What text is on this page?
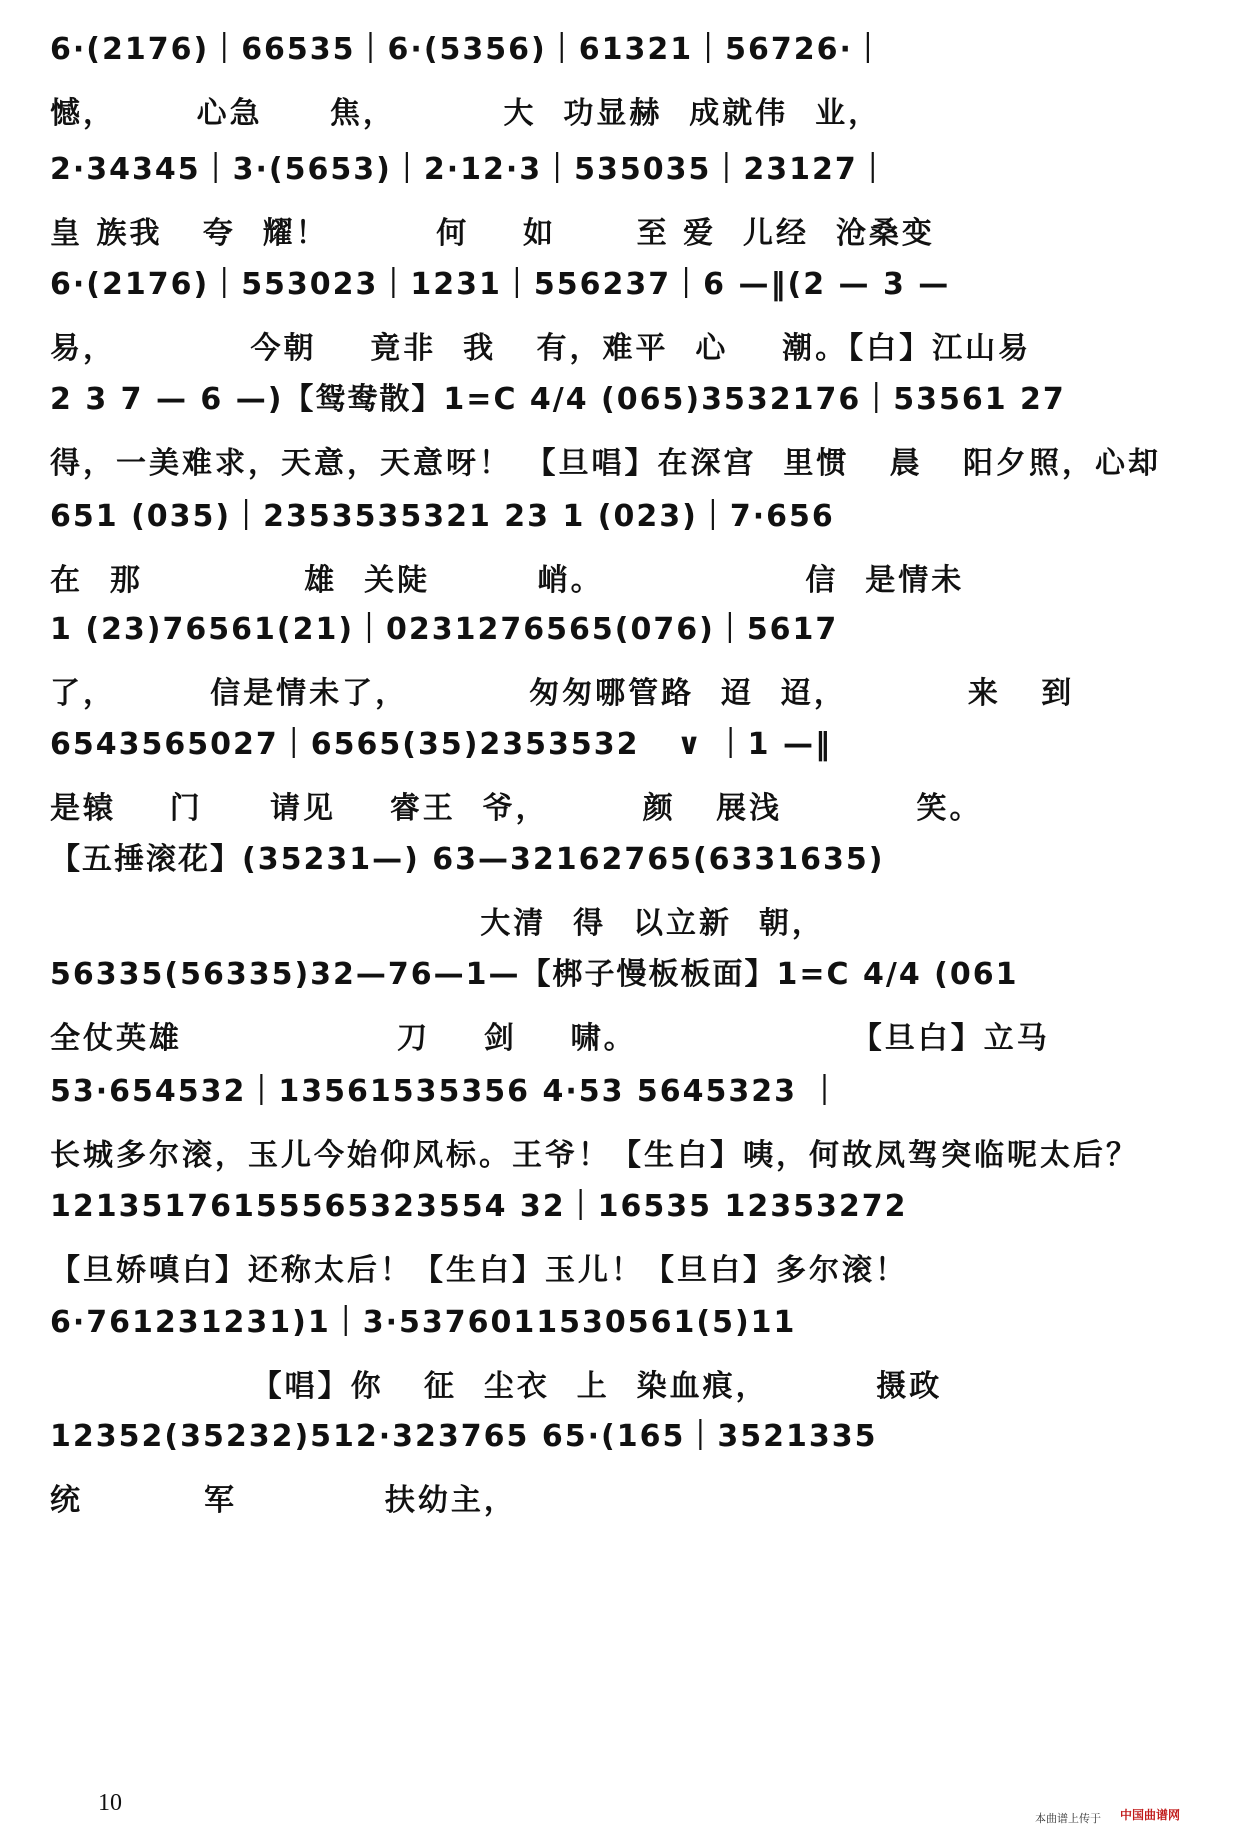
6·(2176)｜66535｜6·(5356)｜61321｜56726·｜
憾，      心急     焦，        大  功显赫  成就伟  业，
2·34345｜3·(5653)｜2·12·3｜535035｜23127｜
皇 族我   夸  耀！        何    如      至 爱  儿经  沧桑变
6·(2176)｜553023｜1231｜556237｜6 —‖(2 — 3 —
易，          今朝    竟非  我   有，难平  心    潮。【白】江山易
2 3 7 — 6 —)【鸳鸯散】1=C 4/4 (065)3532176｜53561 27
得，一美难求，天意，天意呀！ 【旦唱】在深宫  里惯   晨   阳夕照，心却
651 (035)｜2353535321 23 1 (023)｜7·656
在  那            雄  关陡        峭。               信  是情未
1 (23)76561(21)｜0231276565(076)｜5617
了，       信是情未了，         匆匆哪管路  迢  迢，         来   到
6543565027｜6565(35)2353532   ∨ ｜1 —‖
是辕    门     请见    睿王  爷，       颜   展浅          笑。
【五捶滚花】(35231—) 63—32162765(6331635)
大清  得  以立新  朝，
56335(56335)32—76—1—【梆子慢板板面】1=C 4/4 (061
全仗英雄                刀    剑    啸。                【旦白】立马
53·654532｜13561535356 4·53 5645323 ｜
长城多尔滚，玉儿今始仰风标。王爷！【生白】咦，何故凤驾突临呢太后？
12135176155565323554 32｜16535 12353272
【旦娇嗔白】还称太后！【生白】玉儿！【旦白】多尔滚！
6·761231231)1｜3·5376011530561(5)11
【唱】你   征  尘衣  上  染血痕，        摄政
12352(35232)512·323765 65·(165｜3521335
统         军           扶幼主，
10
本曲谱上传于 中国曲谱网
